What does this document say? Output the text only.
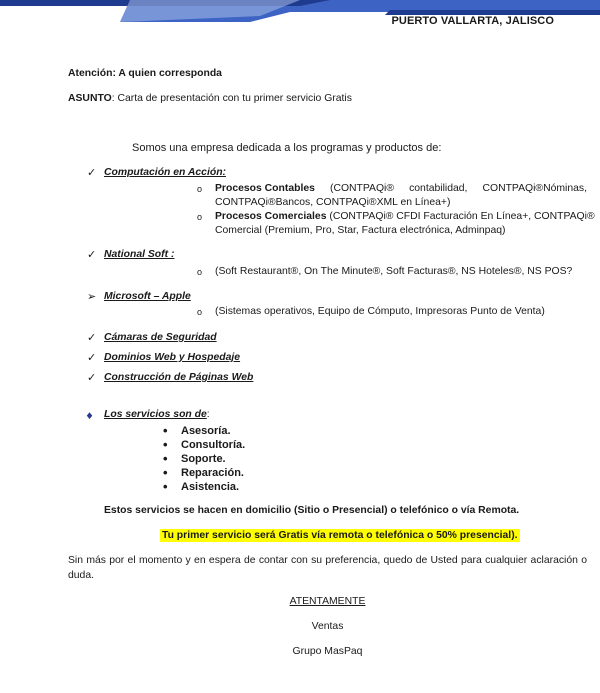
PUERTO VALLARTA, JALISCO
Atención: A quien corresponda
ASUNTO: Carta de presentación con tu primer servicio Gratis
Somos una empresa dedicada a los programas y productos de:
✓ Computación en Acción:
o Procesos Contables (CONTPAQi® contabilidad, CONTPAQi®Nóminas,
CONTPAQi®Bancos, CONTPAQi®XML en Línea+)
o Procesos Comerciales (CONTPAQi® CFDI Facturación En Línea+, CONTPAQi®
Comercial (Premium, Pro, Star, Factura electrónica, Adminpaq)
✓ National Soft :
o (Soft Restaurant®, On The Minute®, Soft Facturas®, NS Hoteles®, NS POS?
➢ Microsoft – Apple
o (Sistemas operativos, Equipo de Cómputo, Impresoras Punto de Venta)
✓ Cámaras de Seguridad
✓ Dominios Web y Hospedaje
✓ Construcción de Páginas Web
◆ Los servicios son de:
• Asesoría.
• Consultoría.
• Soporte.
• Reparación.
• Asistencia.
Estos servicios se hacen en domicilio (Sitio o Presencial) o telefónico o vía Remota.
Tu primer servicio será Gratis vía remota o telefónica o 50% presencial).
Sin más por el momento y en espera de contar con su preferencia, quedo de Usted para cualquier aclaración o
duda.
ATENTAMENTE
Ventas
Grupo MasPaq
